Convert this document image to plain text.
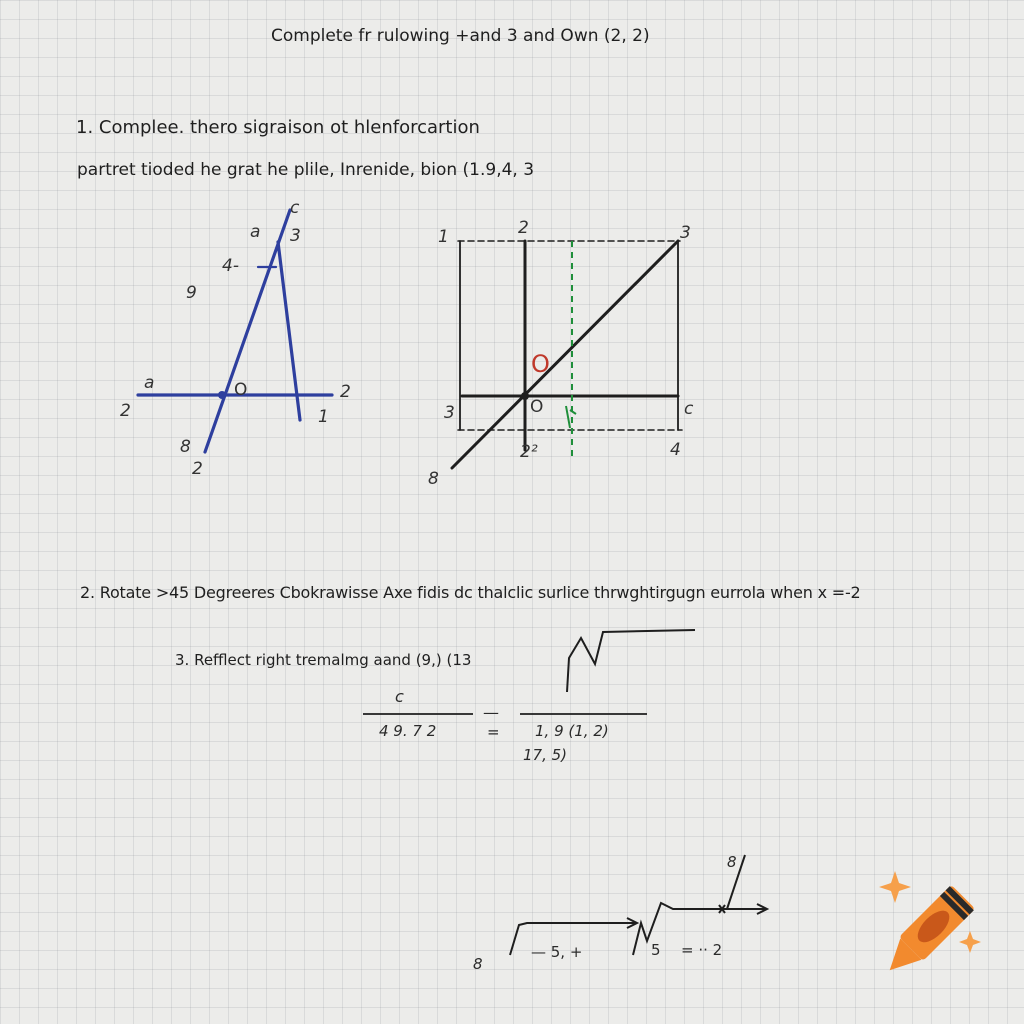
Complete fr rulowing +and 3 and Own (2, 2)
1. Complee. thero sigraison ot hlenforcartion
partret tioded he grat he plile, Inrenide, bion (1.9,4, 3
c
a 3
4-
9
a	O	2
2	1
8
2
1	2	3
O
3	c
O
2²	4
8
2. Rotate >45 Degreeres Cbokrawisse Axe fidis dc thalclic surlice thrwghtirgugn eurrola when x =-2
3. Refflect right tremalmg aand (9,) (13
c
4 9. 7 2
—
= 1, 9 (1, 2)
17, 5)
8
— 5, +	5 = ·· 2
8
